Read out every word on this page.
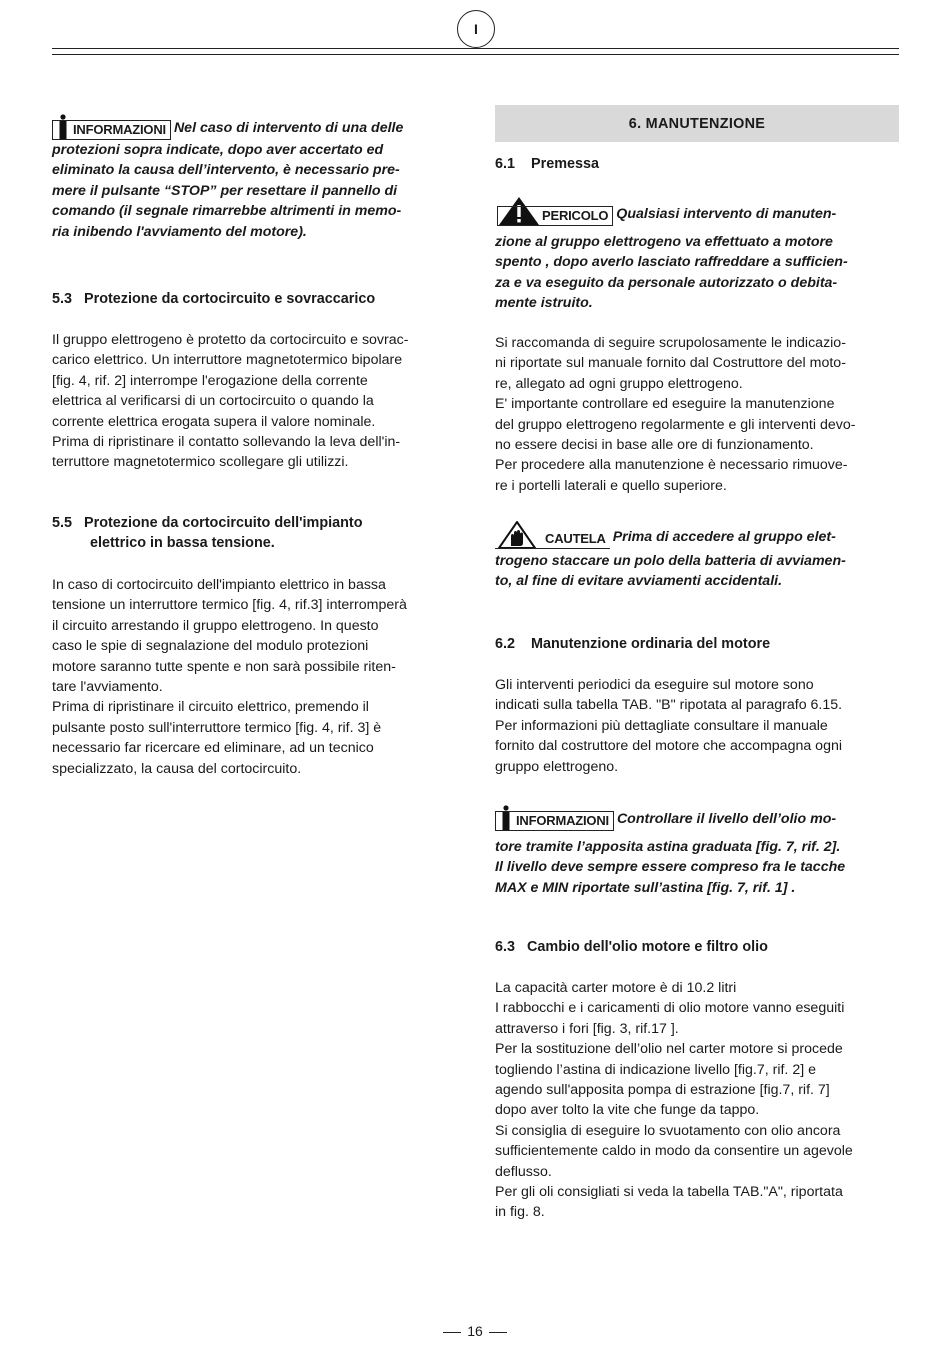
I
INFORMAZIONI Nel caso di intervento di una delle
protezioni sopra indicate, dopo aver accertato ed
eliminato la causa dell’intervento, è necessario pre-
mere il pulsante “STOP” per resettare il pannello di
comando (il segnale rimarrebbe altrimenti in memo-
ria inibendo l'avviamento del motore).
5.3 Protezione da cortocircuito e sovraccarico

Il gruppo elettrogeno è protetto da cortocircuito e sovrac-

carico elettrico. Un interruttore magnetotermico bipolare

[fig. 4, rif. 2] interrompe l'erogazione della corrente

elettrica al verificarsi di un cortocircuito o quando la

corrente elettrica erogata supera il valore nominale.

Prima di ripristinare il contatto sollevando la leva dell'in-

terruttore magnetotermico scollegare gli utilizzi.

5.5 Protezione da cortocircuito dell'impianto
elettrico in bassa tensione.

In caso di cortocircuito dell'impianto elettrico in bassa

tensione un interruttore termico [fig. 4, rif.3] interromperà

il circuito arrestando il gruppo elettrogeno. In questo

caso le spie di segnalazione del modulo protezioni

motore saranno tutte spente e non sarà possibile riten-

tare l'avviamento.

Prima di ripristinare il circuito elettrico, premendo il

pulsante posto sull'interruttore termico [fig. 4, rif. 3] è

necessario far ricercare ed eliminare, ad un tecnico

specializzato, la causa del cortocircuito.

6. MANUTENZIONE
6.1 Premessa
PERICOLO Qualsiasi intervento di manuten-
zione al gruppo elettrogeno va effettuato a motore
spento , dopo averlo lasciato raffreddare a sufficien-
za e va eseguito da personale autorizzato o debita-
mente istruito.

Si raccomanda di seguire scrupolosamente le indicazio-

ni riportate sul manuale fornito dal Costruttore del moto-

re, allegato ad ogni gruppo elettrogeno.

E' importante controllare ed eseguire la manutenzione

del gruppo elettrogeno regolarmente e gli interventi devo-

no essere decisi in base alle ore di funzionamento.

Per procedere alla manutenzione è necessario rimuove-

re i portelli laterali e quello superiore.

CAUTELA Prima di accedere al gruppo elet-
trogeno staccare un polo della batteria di avviamen-
to, al fine di evitare avviamenti accidentali.
6.2 Manutenzione ordinaria del motore

Gli interventi periodici da eseguire sul motore sono

indicati sulla tabella TAB. "B" ripotata al paragrafo 6.15.

Per informazioni più dettagliate consultare il manuale

fornito dal costruttore del motore che accompagna ogni

gruppo elettrogeno.

INFORMAZIONI Controllare il livello dell’olio mo-
tore tramite l’apposita astina graduata [fig. 7, rif. 2].
Il livello deve sempre essere compreso fra le tacche
MAX e MIN riportate sull’astina [fig. 7, rif. 1] .
6.3 Cambio dell'olio motore e filtro olio

La capacità carter motore è di 10.2 litri

I rabbocchi e i caricamenti di olio motore vanno eseguiti

attraverso i fori [fig. 3, rif.17 ].

Per la sostituzione dell’olio nel carter motore si procede

togliendo l’astina di indicazione livello [fig.7, rif. 2] e

agendo sull'apposita pompa di estrazione [fig.7, rif. 7]

dopo aver tolto la vite che funge da tappo.

Si consiglia di eseguire lo svuotamento con olio ancora

sufficientemente caldo in modo da consentire un agevole

deflusso.

Per gli oli consigliati si veda la tabella TAB."A", riportata

in fig. 8.

16
